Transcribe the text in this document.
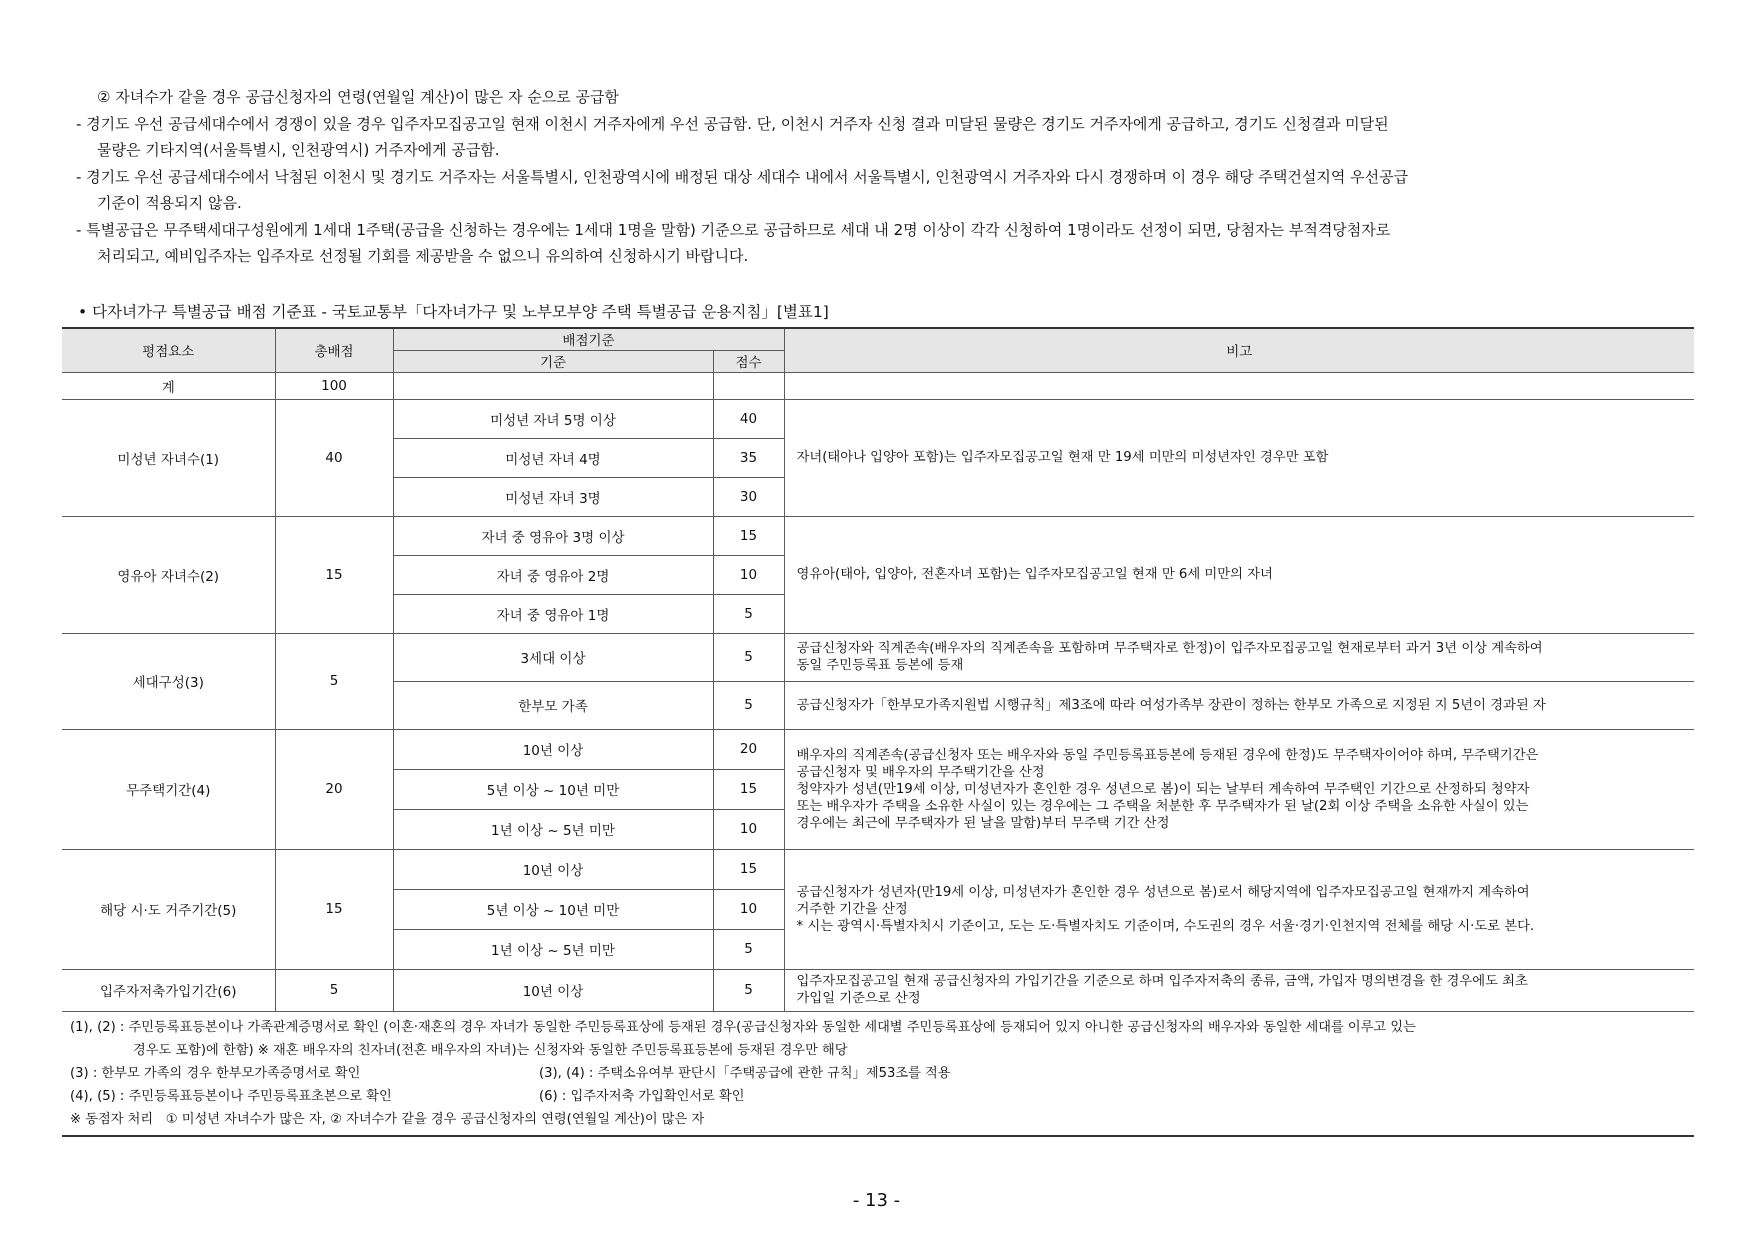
② 자녀수가 같을 경우 공급신청자의 연령(연월일 계산)이 많은 자 순으로 공급함
- 경기도 우선 공급세대수에서 경쟁이 있을 경우 입주자모집공고일 현재 이천시 거주자에게 우선 공급함. 단, 이천시 거주자 신청 결과 미달된 물량은 경기도 거주자에게 공급하고, 경기도 신청결과 미달된
물량은 기타지역(서울특별시, 인천광역시) 거주자에게 공급함.
- 경기도 우선 공급세대수에서 낙첨된 이천시 및 경기도 거주자는 서울특별시, 인천광역시에 배정된 대상 세대수 내에서 서울특별시, 인천광역시 거주자와 다시 경쟁하며 이 경우 해당 주택건설지역 우선공급
기준이 적용되지 않음.
- 특별공급은 무주택세대구성원에게 1세대 1주택(공급을 신청하는 경우에는 1세대 1명을 말함) 기준으로 공급하므로 세대 내 2명 이상이 각각 신청하여 1명이라도 선정이 되면, 당첨자는 부적격당첨자로
처리되고, 예비입주자는 입주자로 선정될 기회를 제공받을 수 없으니 유의하여 신청하시기 바랍니다.
• 다자녀가구 특별공급 배점 기준표 - 국토교통부「다자녀가구 및 노부모부양 주택 특별공급 운용지침」[별표1]
평점요소	총배점	배점기준		비고
		기준	점수	
계	100			
미성년 자녀수(1)	40	미성년 자녀 5명 이상	40	자녀(태아나 입양아 포함)는 입주자모집공고일 현재 만 19세 미만의 미성년자인 경우만 포함

		미성년 자녀 4명	35	
		미성년 자녀 3명	30	
영유아 자녀수(2)	15	자녀 중 영유아 3명 이상	15	영유아(태아, 입양아, 전혼자녀 포함)는 입주자모집공고일 현재 만 6세 미만의 자녀

		자녀 중 영유아 2명	10	
		자녀 중 영유아 1명	5	
세대구성(3)	5	3세대 이상	5	공급신청자와 직계존속(배우자의 직계존속을 포함하며 무주택자로 한정)이 입주자모집공고일 현재로부터 과거 3년 이상 계속하여
동일 주민등록표 등본에 등재

		한부모 가족	5	공급신청자가「한부모가족지원법 시행규칙」제3조에 따라 여성가족부 장관이 정하는 한부모 가족으로 지정된 지 5년이 경과된 자

무주택기간(4)	20	10년 이상	20	배우자의 직계존속(공급신청자 또는 배우자와 동일 주민등록표등본에 등재된 경우에 한정)도 무주택자이어야 하며, 무주택기간은
공급신청자 및 배우자의 무주택기간을 산정
청약자가 성년(만19세 이상, 미성년자가 혼인한 경우 성년으로 봄)이 되는 날부터 계속하여 무주택인 기간으로 산정하되 청약자
또는 배우자가 주택을 소유한 사실이 있는 경우에는 그 주택을 처분한 후 무주택자가 된 날(2회 이상 주택을 소유한 사실이 있는
경우에는 최근에 무주택자가 된 날을 말함)부터 무주택 기간 산정

		5년 이상 ~ 10년 미만	15	
		1년 이상 ~ 5년 미만	10	
해당 시·도 거주기간(5)	15	10년 이상	15	공급신청자가 성년자(만19세 이상, 미성년자가 혼인한 경우 성년으로 봄)로서 해당지역에 입주자모집공고일 현재까지 계속하여
거주한 기간을 산정
* 시는 광역시·특별자치시 기준이고, 도는 도·특별자치도 기준이며, 수도권의 경우 서울·경기·인천지역 전체를 해당 시·도로 본다.

		5년 이상 ~ 10년 미만	10	
		1년 이상 ~ 5년 미만	5	
입주자저축가입기간(6)	5	10년 이상	5	입주자모집공고일 현재 공급신청자의 가입기간을 기준으로 하며 입주자저축의 종류, 금액, 가입자 명의변경을 한 경우에도 최초
가입일 기준으로 산정
(1), (2) : 주민등록표등본이나 가족관계증명서로 확인 (이혼·재혼의 경우 자녀가 동일한 주민등록표상에 등재된 경우(공급신청자와 동일한 세대별 주민등록표상에 등재되어 있지 아니한 공급신청자의 배우자와 동일한 세대를 이루고 있는
경우도 포함)에 한함) ※ 재혼 배우자의 친자녀(전혼 배우자의 자녀)는 신청자와 동일한 주민등록표등본에 등재된 경우만 해당
(3) : 한부모 가족의 경우 한부모가족증명서로 확인	(3), (4) : 주택소유여부 판단시「주택공급에 관한 규칙」제53조를 적용
(4), (5) : 주민등록표등본이나 주민등록표초본으로 확인	(6) : 입주자저축 가입확인서로 확인
※ 동점자 처리   ① 미성년 자녀수가 많은 자, ② 자녀수가 같을 경우 공급신청자의 연령(연월일 계산)이 많은 자
- 13 -
